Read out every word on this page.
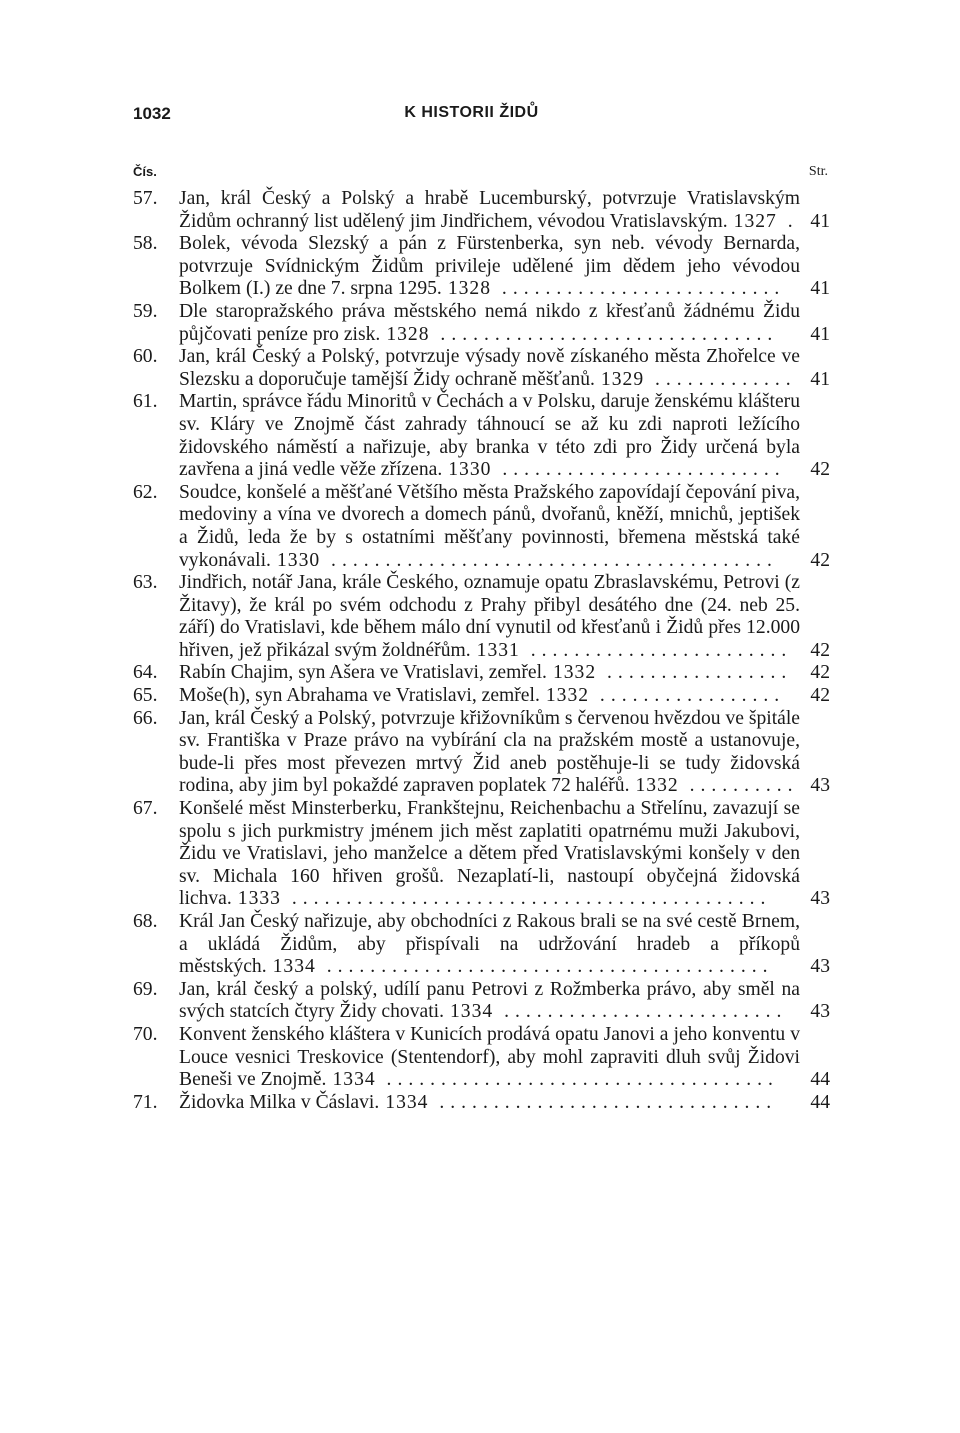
1032	K HISTORII ŽIDŮ
Čís.	Str.
57. Jan, král Český a Polský a hrabě Lucemburský, potvrzuje Vratislavským Židům ochranný list udělený jim Jindřichem, vévodou Vratislavským. 1327 . 41
58. Bolek, vévoda Slezský a pán z Fürstenberka, syn neb. vévody Bernarda, potvrzuje Svídnickým Židům privileje udělené jim dědem jeho vévodou Bolkem (I.) ze dne 7. srpna 1295. 1328 ..........................	41
59. Dle staropražského práva městského nemá nikdo z křesťanů žádnému Židu půjčovati peníze pro zisk. 1328 ...............................	41
60. Jan, král Český a Polský, potvrzuje výsady nově získaného města Zhořelce ve Slezsku a doporučuje tamější Židy ochraně měšťanů. 1329 ............. 41
61. Martin, správce řádu Minoritů v Čechách a v Polsku, daruje ženskému klášteru sv. Kláry ve Znojmě část zahrady táhnoucí se až ku zdi naproti ležícího židovského náměstí a nařizuje, aby branka v této zdi pro Židy určená byla zavřena a jiná vedle věže zřízena. 1330 ..........................	42
62. Soudce, konšelé a měšťané Většího města Pražského zapovídají čepování piva, medoviny a vína ve dvorech a domech pánů, dvořanů, kněží, mnichů, jeptišek a Židů, leda že by s ostatními měšťany povinnosti, břemena městská také vykonávali. 1330 .........................................	42
63. Jindřich, notář Jana, krále Českého, oznamuje opatu Zbraslavskému, Petrovi (z Žitavy), že král po svém odchodu z Prahy přibyl desátého dne (24. neb 25. září) do Vratislavi, kde během málo dní vynutil od křesťanů i Židů přes 12.000 hřiven, jež přikázal svým žoldnéřům. 1331 ........................ 42
64. Rabín Chajim, syn Ašera ve Vratislavi, zemřel. 1332 ................. 42
65. Moše(h), syn Abrahama ve Vratislavi, zemřel. 1332 .................	42
66. Jan, král Český a Polský, potvrzuje křižovníkům s červenou hvězdou ve špitále sv. Františka v Praze právo na vybírání cla na pražském mostě a ustanovuje, bude-li přes most převezen mrtvý Žid aneb postěhuje-li se tudy židovská rodina, aby jim byl pokaždé zapraven poplatek 72 haléřů. 1332 .......... 43
67. Konšelé měst Minsterberku, Frankštejnu, Reichenbachu a Střelínu, zavazují se spolu s jich purkmistry jménem jich měst zaplatiti opatrnému muži Jakubovi, Židu ve Vratislavi, jeho manželce a dětem před Vratislavskými konšely v den sv. Michala 160 hřiven grošů. Nezaplatí-li, nastoupí obyčejná židovská lichva. 1333 ............................................	43
68. Král Jan Český nařizuje, aby obchodníci z Rakous brali se na své cestě Brnem, a ukládá Židům, aby přispívali na udržování hradeb a příkopů městských. 1334 .........................................	43
69. Jan, král český a polský, udílí panu Petrovi z Rožmberka právo, aby směl na svých statcích čtyry Židy chovati. 1334 ..........................	43
70. Konvent ženského kláštera v Kunicích prodává opatu Janovi a jeho konventu v Louce vesnici Treskovice (Stentendorf), aby mohl zapraviti dluh svůj Židovi Beneši ve Znojmě. 1334 ....................................	44
71. Židovka Milka v Čáslavi. 1334 ...............................	44
